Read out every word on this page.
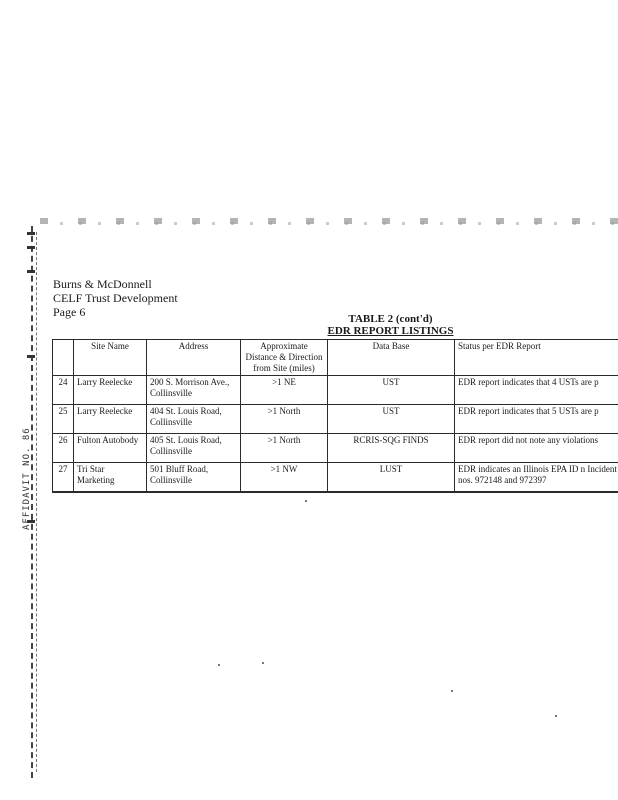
AFFIDAVIT NO. 86
Burns & McDonnell
CELF Trust Development
Page 6	TABLE 2 (cont'd)
EDR REPORT LISTINGS
	Site Name	Address	Approximate Distance & Direction from Site (miles)	Data Base	Status per EDR Report
24	Larry Reelecke	200 S. Morrison Ave., Collinsville	>1 NE	UST	EDR report indicates that 4 USTs are p
25	Larry Reelecke	404 St. Louis Road, Collinsville	>1 North	UST	EDR report indicates that 5 USTs are p
26	Fulton Autobody	405 St. Louis Road, Collinsville	>1 North	RCRIS-SQG FINDS	EDR report did not note any violations
27	Tri Star Marketing	501 Bluff Road, Collinsville	>1 NW	LUST	EDR indicates an Illinois EPA ID n Incident nos. 972148 and 972397
